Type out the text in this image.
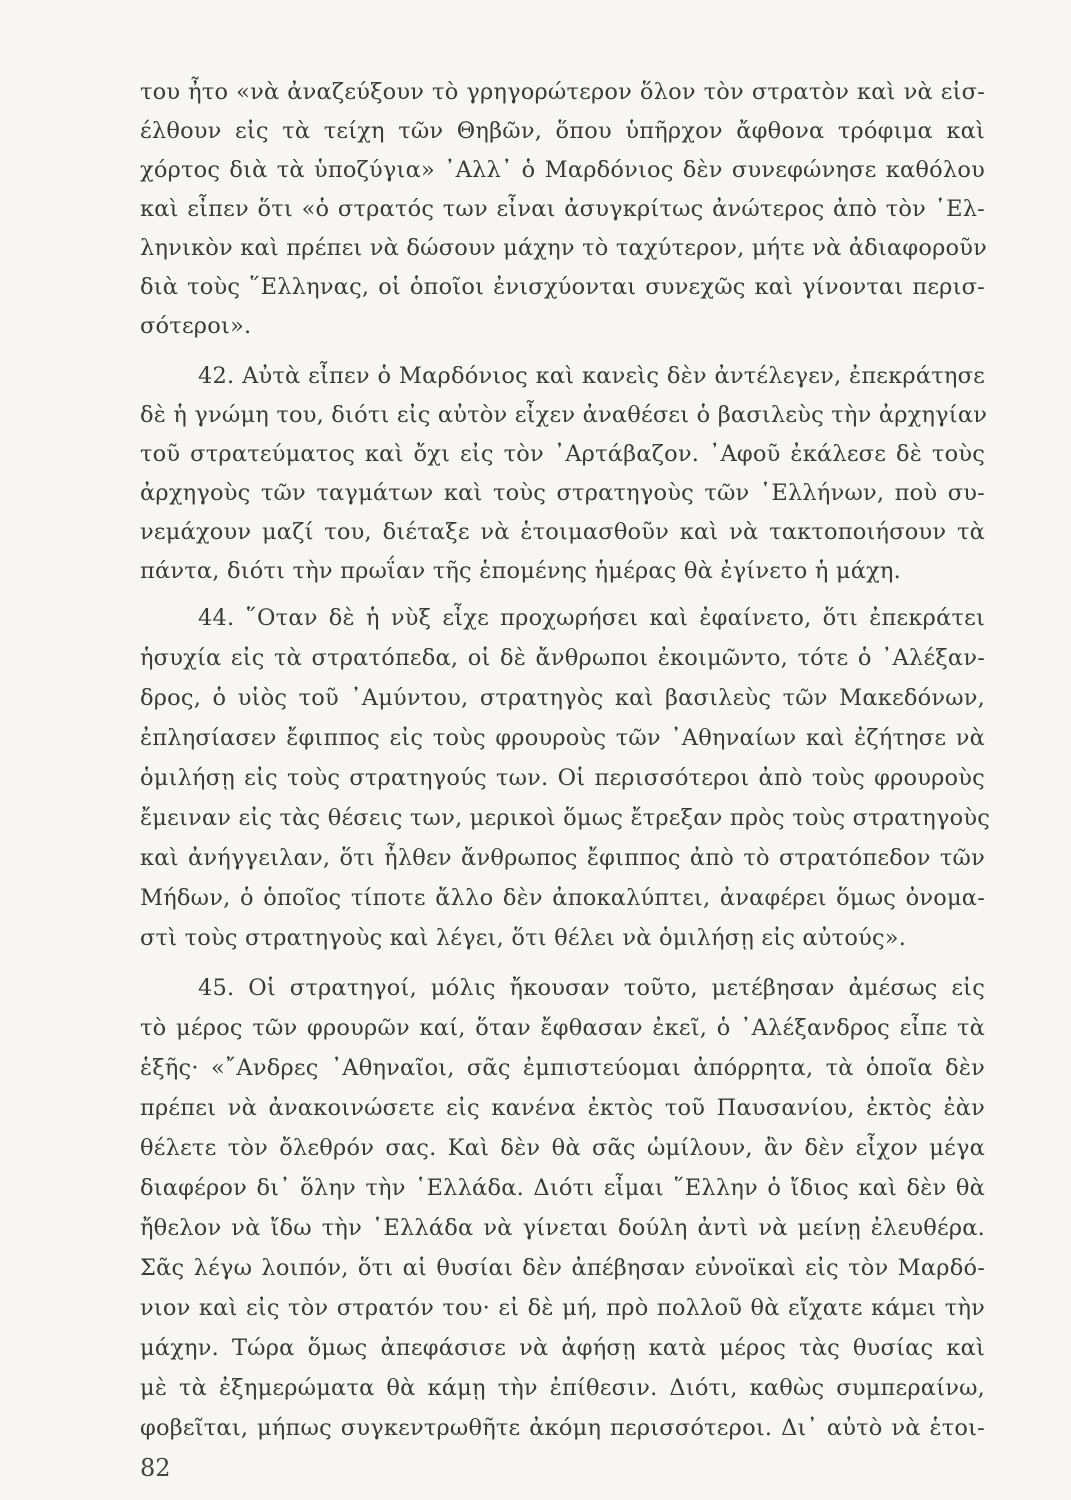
του ἦτο «νὰ ἀναζεύξουν τὸ γρηγορώτερον ὅλον τὸν στρατὸν καὶ νὰ εἰσ-
έλθουν εἰς τὰ τείχη τῶν Θηβῶν, ὅπου ὑπῆρχον ἄφθονα τρόφιμα καὶ
χόρτος διὰ τὰ ὑποζύγια» ᾿Αλλ᾿ ὁ Μαρδόνιος δὲν συνεφώνησε καθόλου
καὶ εἶπεν ὅτι «ὁ στρατός των εἶναι ἀσυγκρίτως ἀνώτερος ἀπὸ τὸν ῾Ελ-
ληνικὸν καὶ πρέπει νὰ δώσουν μάχην τὸ ταχύτερον, μήτε νὰ ἀδιαφοροῦν
διὰ τοὺς ῞Ελληνας, οἱ ὁποῖοι ἐνισχύονται συνεχῶς καὶ γίνονται περισ-
σότεροι».
42. Αὐτὰ εἶπεν ὁ Μαρδόνιος καὶ κανεὶς δὲν ἀντέλεγεν, ἐπεκράτησε
δὲ ἡ γνώμη του, διότι εἰς αὐτὸν εἶχεν ἀναθέσει ὁ βασιλεὺς τὴν ἀρχηγίαν
τοῦ στρατεύματος καὶ ὄχι εἰς τὸν ᾿Αρτάβαζον. ᾿Αφοῦ ἐκάλεσε δὲ τοὺς
ἀρχηγοὺς τῶν ταγμάτων καὶ τοὺς στρατηγοὺς τῶν ῾Ελλήνων, ποὺ συ-
νεμάχουν μαζί του, διέταξε νὰ ἑτοιμασθοῦν καὶ νὰ τακτοποιήσουν τὰ
πάντα, διότι τὴν πρωΐαν τῆς ἑπομένης ἡμέρας θὰ ἐγίνετο ἡ μάχη.
44. ῞Οταν δὲ ἡ νὺξ εἶχε προχωρήσει καὶ ἐφαίνετο, ὅτι ἐπεκράτει
ἡσυχία εἰς τὰ στρατόπεδα, οἱ δὲ ἄνθρωποι ἐκοιμῶντο, τότε ὁ ᾿Αλέξαν-
δρος, ὁ υἱὸς τοῦ ᾿Αμύντου, στρατηγὸς καὶ βασιλεὺς τῶν Μακεδόνων,
ἐπλησίασεν ἔφιππος εἰς τοὺς φρουροὺς τῶν ᾿Αθηναίων καὶ ἐζήτησε νὰ
ὁμιλήσῃ εἰς τοὺς στρατηγούς των. Οἱ περισσότεροι ἀπὸ τοὺς φρουροὺς
ἔμειναν εἰς τὰς θέσεις των, μερικοὶ ὅμως ἔτρεξαν πρὸς τοὺς στρατηγοὺς
καὶ ἀνήγγειλαν, ὅτι ἦλθεν ἄνθρωπος ἔφιππος ἀπὸ τὸ στρατόπεδον τῶν
Μήδων, ὁ ὁποῖος τίποτε ἄλλο δὲν ἀποκαλύπτει, ἀναφέρει ὅμως ὀνομα-
στὶ τοὺς στρατηγοὺς καὶ λέγει, ὅτι θέλει νὰ ὁμιλήσῃ εἰς αὐτούς».
45. Οἱ στρατηγοί, μόλις ἤκουσαν τοῦτο, μετέβησαν ἀμέσως εἰς
τὸ μέρος τῶν φρουρῶν καί, ὅταν ἔφθασαν ἐκεῖ, ὁ ᾿Αλέξανδρος εἶπε τὰ
ἑξῆς· «῎Ανδρες ᾿Αθηναῖοι, σᾶς ἐμπιστεύομαι ἀπόρρητα, τὰ ὁποῖα δὲν
πρέπει νὰ ἀνακοινώσετε εἰς κανένα ἐκτὸς τοῦ Παυσανίου, ἐκτὸς ἐὰν
θέλετε τὸν ὄλεθρόν σας. Καὶ δὲν θὰ σᾶς ὡμίλουν, ἂν δὲν εἶχον μέγα
διαφέρον δι᾿ ὅλην τὴν ῾Ελλάδα. Διότι εἶμαι ῞Ελλην ὁ ἴδιος καὶ δὲν θὰ
ἤθελον νὰ ἴδω τὴν ῾Ελλάδα νὰ γίνεται δούλη ἀντὶ νὰ μείνῃ ἐλευθέρα.
Σᾶς λέγω λοιπόν, ὅτι αἱ θυσίαι δὲν ἀπέβησαν εὐνοϊκαὶ εἰς τὸν Μαρδό-
νιον καὶ εἰς τὸν στρατόν του· εἰ δὲ μή, πρὸ πολλοῦ θὰ εἴχατε κάμει τὴν
μάχην. Τώρα ὅμως ἀπεφάσισε νὰ ἀφήσῃ κατὰ μέρος τὰς θυσίας καὶ
μὲ τὰ ἐξημερώματα θὰ κάμῃ τὴν ἐπίθεσιν. Διότι, καθὼς συμπεραίνω,
φοβεῖται, μήπως συγκεντρωθῆτε ἀκόμη περισσότεροι. Δι᾿ αὐτὸ νὰ ἑτοι-
82
